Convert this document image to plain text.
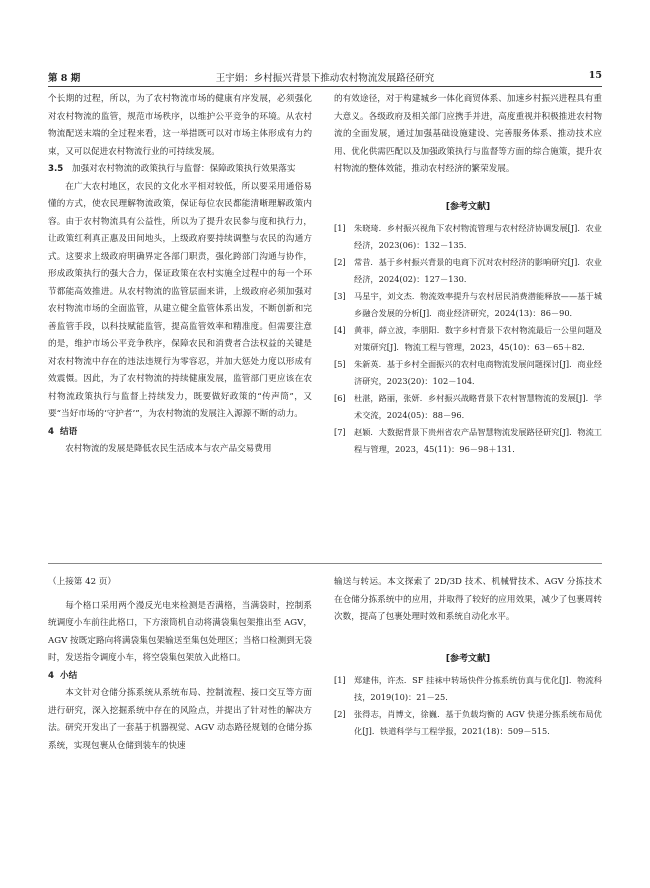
第 8 期	王宇娟：乡村振兴背景下推动农村物流发展路径研究	15

个长期的过程，所以，为了农村物流市场的健康有序发展，必须强化对农村物流的监管，规范市场秩序，以维护公平竞争的环境。从农村物流配送末端的全过程来看，这一举措既可以对市场主体形成有力约束，又可以促进农村物流行业的可持续发展。

3.5	加强对农村物流的政策执行与监督：保障政策执行效果落实

在广大农村地区，农民的文化水平相对较低，所以要采用通俗易懂的方式，使农民理解物流政策，保证每位农民都能清晰理解政策内容。由于农村物流具有公益性，所以为了提升农民参与度和执行力，让政策红利真正惠及田间地头，上级政府要持续调整与农民的沟通方式。这要求上级政府明确界定各部门职责，强化跨部门沟通与协作，形成政策执行的强大合力，保证政策在农村实施全过程中的每一个环节都能高效推进。从农村物流的监管层面来讲，上级政府必须加强对农村物流市场的全面监管，从建立健全监管体系出发，不断创新和完善监管手段，以科技赋能监管，提高监管效率和精准度。但需要注意的是，维护市场公平竞争秩序，保障农民和消费者合法权益的关键是对农村物流中存在的违法违规行为零容忍，并加大惩处力度以形成有效震慑。因此，为了农村物流的持续健康发展，监管部门更应该在农村物流政策执行与监督上持续发力，既要做好政策的“传声筒”，又要“当好市场的‘守护者’”，为农村物流的发展注入源源不断的动力。

4 结语

农村物流的发展是降低农民生活成本与农产品交易费用

的有效途径，对于构建城乡一体化商贸体系、加速乡村振兴进程具有重大意义。各级政府及相关部门应携手并进，高度重视并积极推进农村物流的全面发展，通过加强基础设施建设、完善服务体系、推动技术应用、优化供需匹配以及加强政策执行与监督等方面的综合施策，提升农村物流的整体效能，推动农村经济的繁荣发展。

[参考文献]
[1] 朱晓琦．乡村振兴视角下农村物流管理与农村经济协调发展[J]．农业经济，2023(06)：132－135．
[2] 常昔．基于乡村振兴背景的电商下沉对农村经济的影响研究[J]．农业经济，2024(02)：127－130．
[3] 马星宇，刘文杰．物流效率提升与农村居民消费潜能释放——基于城乡融合发展的分析[J]．商业经济研究，2024(13)：86－90．
[4] 黄菲，薛立波，李朋阳．数字乡村背景下农村物流最后一公里问题及对策研究[J]．物流工程与管理，2023，45(10)：63－65＋82．
[5] 朱新英．基于乡村全面振兴的农村电商物流发展问题探讨[J]．商业经济研究，2023(20)：102－104．
[6] 杜湛，路丽，张妍．乡村振兴战略背景下农村智慧物流的发展[J]．学术交流，2024(05)：88－96．
[7] 赵颖．大数据背景下贵州省农产品智慧物流发展路径研究[J]．物流工程与管理，2023，45(11)：96－98＋131．
（上接第 42 页）

每个格口采用两个漫反光电来检测是否满格，当满袋时，控制系统调度小车前往此格口，下方滚筒机自动将满袋集包架推出至 AGV，AGV 按既定路向将满袋集包架输送至集包处理区；当格口检测到无袋时，发送指令调度小车，将空袋集包架放入此格口。

4 小结

本文针对仓储分拣系统从系统布局、控制流程、接口交互等方面进行研究，深入挖掘系统中存在的风险点，并提出了针对性的解决方法。研究开发出了一套基于机器视觉、AGV 动态路径规划的仓储分拣系统，实现包裹从仓储到装车的快速

输送与转运。本文探索了 2D/3D 技术、机械臂技术、AGV 分拣技术在仓储分拣系统中的应用，并取得了较好的应用效果，减少了包裹周转次数，提高了包裹处理时效和系统自动化水平。

[参考文献]
[1] 郑建伟，许杰．SF 挂袜中转场快件分拣系统仿真与优化[J]．物流科技，2019(10)：21－25．
[2] 张得志，肖博文，徐巍．基于负载均衡的 AGV 快递分拣系统布局优化[J]．铁道科学与工程学报，2021(18)：509－515．
